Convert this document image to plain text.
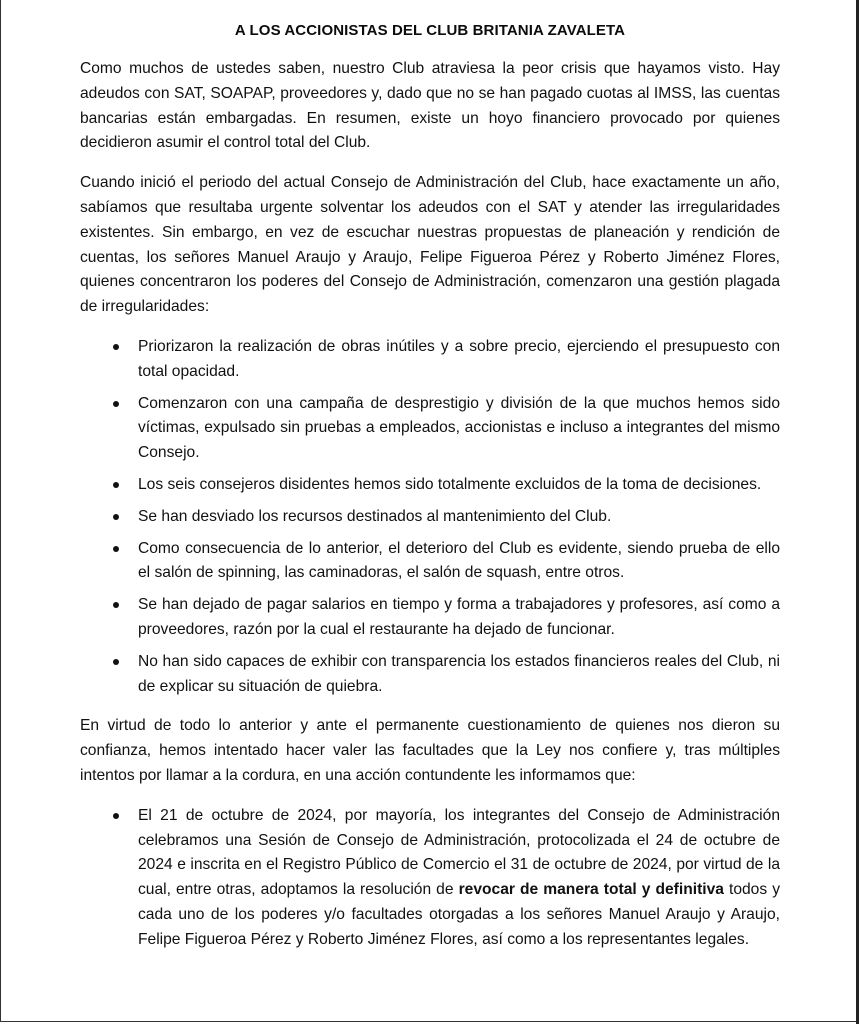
A LOS ACCIONISTAS DEL CLUB BRITANIA ZAVALETA

Como muchos de ustedes saben, nuestro Club atraviesa la peor crisis que hayamos visto. Hay adeudos con SAT, SOAPAP, proveedores y, dado que no se han pagado cuotas al IMSS, las cuentas bancarias están embargadas. En resumen, existe un hoyo financiero provocado por quienes decidieron asumir el control total del Club.

Cuando inició el periodo del actual Consejo de Administración del Club, hace exactamente un año, sabíamos que resultaba urgente solventar los adeudos con el SAT y atender las irregularidades existentes. Sin embargo, en vez de escuchar nuestras propuestas de planeación y rendición de cuentas, los señores Manuel Araujo y Araujo, Felipe Figueroa Pérez y Roberto Jiménez Flores, quienes concentraron los poderes del Consejo de Administración, comenzaron una gestión plagada de irregularidades:

Priorizaron la realización de obras inútiles y a sobre precio, ejerciendo el presupuesto con total opacidad.
Comenzaron con una campaña de desprestigio y división de la que muchos hemos sido víctimas, expulsado sin pruebas a empleados, accionistas e incluso a integrantes del mismo Consejo.
Los seis consejeros disidentes hemos sido totalmente excluidos de la toma de decisiones.
Se han desviado los recursos destinados al mantenimiento del Club.
Como consecuencia de lo anterior, el deterioro del Club es evidente, siendo prueba de ello el salón de spinning, las caminadoras, el salón de squash, entre otros.
Se han dejado de pagar salarios en tiempo y forma a trabajadores y profesores, así como a proveedores, razón por la cual el restaurante ha dejado de funcionar.
No han sido capaces de exhibir con transparencia los estados financieros reales del Club, ni de explicar su situación de quiebra.

En virtud de todo lo anterior y ante el permanente cuestionamiento de quienes nos dieron su confianza, hemos intentado hacer valer las facultades que la Ley nos confiere y, tras múltiples intentos por llamar a la cordura, en una acción contundente les informamos que:

El 21 de octubre de 2024, por mayoría, los integrantes del Consejo de Administración celebramos una Sesión de Consejo de Administración, protocolizada el 24 de octubre de 2024 e inscrita en el Registro Público de Comercio el 31 de octubre de 2024, por virtud de la cual, entre otras, adoptamos la resolución de revocar de manera total y definitiva todos y cada uno de los poderes y/o facultades otorgadas a los señores Manuel Araujo y Araujo, Felipe Figueroa Pérez y Roberto Jiménez Flores, así como a los representantes legales.
